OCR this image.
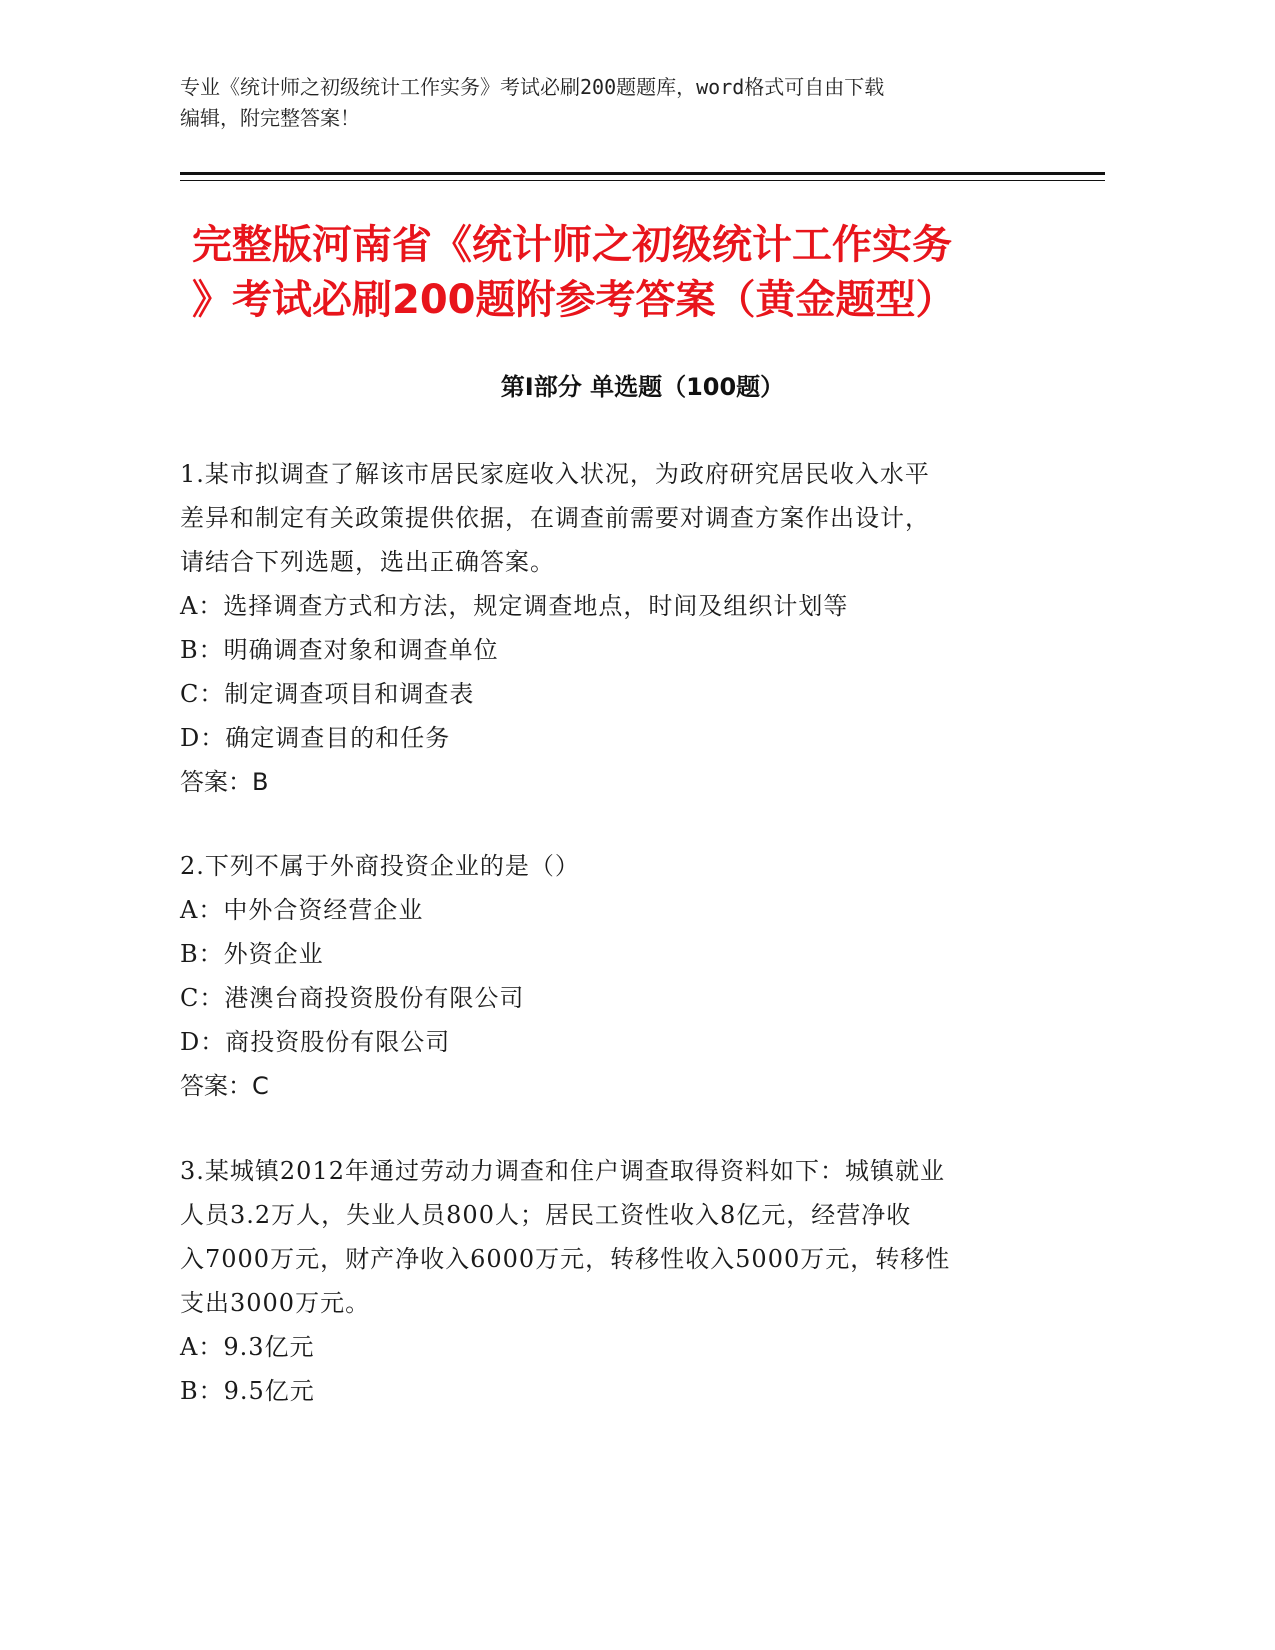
专业《统计师之初级统计工作实务》考试必刷200题题库，word格式可自由下载
编辑，附完整答案！

完整版河南省《统计师之初级统计工作实务
》考试必刷200题附参考答案（黄金题型）
第Ⅰ部分 单选题（100题）

1.某市拟调查了解该市居民家庭收入状况，为政府研究居民收入水平
差异和制定有关政策提供依据，在调查前需要对调查方案作出设计，
请结合下列选题，选出正确答案。

A：选择调查方式和方法，规定调查地点，时间及组织计划等

B：明确调查对象和调查单位

C：制定调查项目和调查表

D：确定调查目的和任务

答案：B

2.下列不属于外商投资企业的是（）

A：中外合资经营企业

B：外资企业

C：港澳台商投资股份有限公司

D：商投资股份有限公司

答案：C

3.某城镇2012年通过劳动力调查和住户调查取得资料如下：城镇就业
人员3.2万人，失业人员800人；居民工资性收入8亿元，经营净收
入7000万元，财产净收入6000万元，转移性收入5000万元，转移性
支出3000万元。

A：9.3亿元

B：9.5亿元
